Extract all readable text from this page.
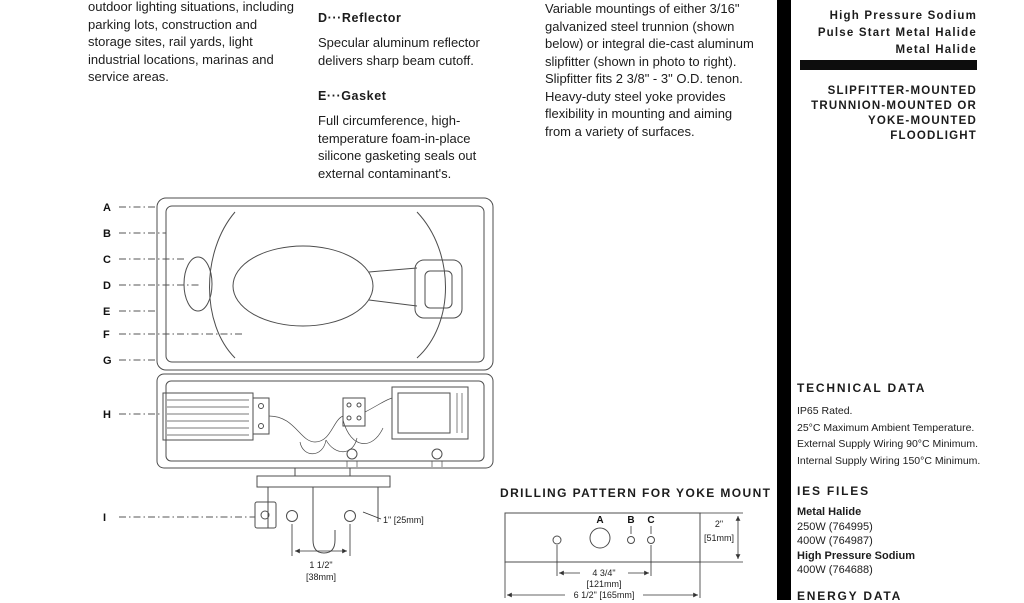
outdoor lighting situations, including parking lots, construction and storage sites, rail yards, light industrial locations, marinas and service areas.
D···Reflector
Specular aluminum reflector delivers sharp beam cutoff.
E···Gasket
Full circumference, high-temperature foam-in-place silicone gasketing seals out external contaminant's.
Variable mountings of either 3/16" galvanized steel trunnion (shown below) or integral die-cast aluminum slipfitter (shown in photo to right). Slipfitter fits 2 3/8" - 3" O.D. tenon. Heavy-duty steel yoke provides flexibility in mounting and aiming from a variety of surfaces.
High Pressure Sodium
Pulse Start Metal Halide
Metal Halide
SLIPFITTER-MOUNTED
TRUNNION-MOUNTED OR
YOKE-MOUNTED
FLOODLIGHT
TECHNICAL DATA
IP65 Rated.
25°C Maximum Ambient Temperature.
External Supply Wiring 90°C Minimum.
Internal Supply Wiring 150°C Minimum.
IES FILES
Metal Halide
250W (764995)
400W (764987)
High Pressure Sodium
400W (764688)
ENERGY DATA
DRILLING PATTERN FOR YOKE MOUNT
A
B
C
D
E
F
G
H
I	1" [25mm]
1 1/2"
[38mm]
A B C	2"
[51mm]
4 3/4"
[121mm]
6 1/2" [165mm]
